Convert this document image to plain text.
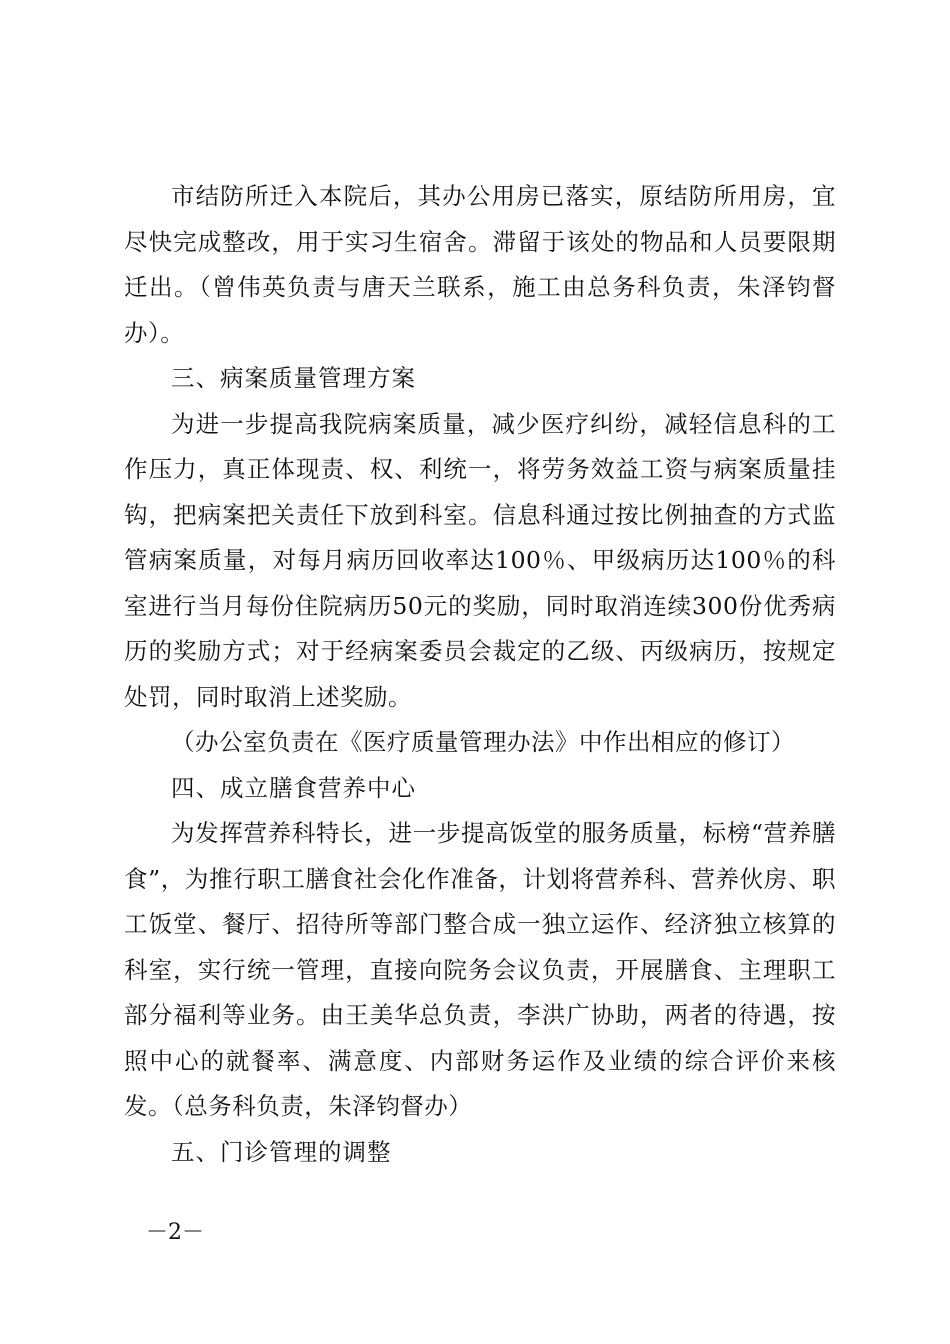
市结防所迁入本院后，其办公用房已落实，原结防所用房，宜尽快完成整改，用于实习生宿舍。滞留于该处的物品和人员要限期迁出。（曾伟英负责与唐天兰联系，施工由总务科负责，朱泽钧督办）。

三、病案质量管理方案

为进一步提高我院病案质量，减少医疗纠纷，减轻信息科的工作压力，真正体现责、权、利统一，将劳务效益工资与病案质量挂钩，把病案把关责任下放到科室。信息科通过按比例抽查的方式监管病案质量，对每月病历回收率达100％、甲级病历达100％的科室进行当月每份住院病历50元的奖励，同时取消连续300份优秀病历的奖励方式；对于经病案委员会裁定的乙级、丙级病历，按规定处罚，同时取消上述奖励。

（办公室负责在《医疗质量管理办法》中作出相应的修订）

四、成立膳食营养中心

为发挥营养科特长，进一步提高饭堂的服务质量，标榜“营养膳食”，为推行职工膳食社会化作准备，计划将营养科、营养伙房、职工饭堂、餐厅、招待所等部门整合成一独立运作、经济独立核算的科室，实行统一管理，直接向院务会议负责，开展膳食、主理职工部分福利等业务。由王美华总负责，李洪广协助，两者的待遇，按照中心的就餐率、满意度、内部财务运作及业绩的综合评价来核发。（总务科负责，朱泽钧督办）

五、门诊管理的调整

－2－
